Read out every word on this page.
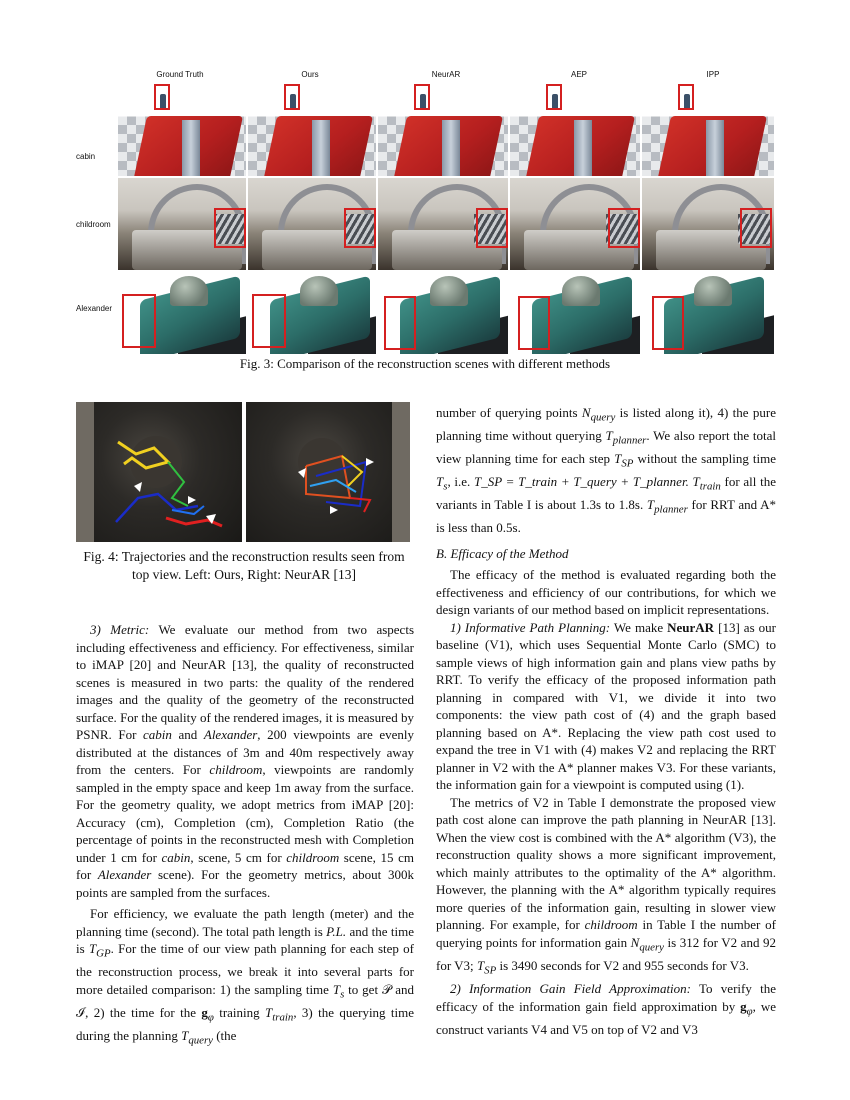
Ground Truth	Ours	NeurAR	AEP	IPP
cabin
childroom
Alexander
Fig. 3: Comparison of the reconstruction scenes with different methods
Fig. 4: Trajectories and the reconstruction results seen from
top view. Left: Ours, Right: NeurAR [13]

3) Metric: We evaluate our method from two aspects including effectiveness and efficiency. For effectiveness, similar to iMAP [20] and NeurAR [13], the quality of reconstructed scenes is measured in two parts: the quality of the rendered images and the quality of the geometry of the reconstructed surface. For the quality of the rendered images, it is measured by PSNR. For cabin and Alexander, 200 viewpoints are evenly distributed at the distances of 3m and 40m respectively away from the centers. For childroom, viewpoints are randomly sampled in the empty space and keep 1m away from the surface. For the geometry quality, we adopt metrics from iMAP [20]: Accuracy (cm), Completion (cm), Completion Ratio (the percentage of points in the reconstructed mesh with Completion under 1 cm for cabin, scene, 5 cm for childroom scene, 15 cm for Alexander scene). For the geometry metrics, about 300k points are sampled from the surfaces.

For efficiency, we evaluate the path length (meter) and the planning time (second). The total path length is P.L. and the time is $T_{GP}$. For the time of our view path planning for each step of the reconstruction process, we break it into several parts for more detailed comparison: 1) the sampling time $T_s$ to get 𝒫 and ℐ, 2) the time for the $g_\varphi$ training $T_{train}$, 3) the querying time during the planning $T_{query}$ (the

number of querying points $N_{query}$ is listed along it), 4) the pure planning time without querying $T_{planner}$. We also report the total view planning time for each step $T_{SP}$ without the sampling time $T_s$, i.e. T_SP = T_train + T_query + T_planner. $T_{train}$ for all the variants in Table I is about 1.3s to 1.8s. $T_{planner}$ for RRT and A* is less than 0.5s.

B. Efficacy of the Method

The efficacy of the method is evaluated regarding both the effectiveness and efficiency of our contributions, for which we design variants of our method based on implicit representations.

1) Informative Path Planning: We make NeurAR [13] as our baseline (V1), which uses Sequential Monte Carlo (SMC) to sample views of high information gain and plans view paths by RRT. To verify the efficacy of the proposed information path planning in compared with V1, we divide it into two components: the view path cost of (4) and the graph based planning based on A*. Replacing the view path cost used to expand the tree in V1 with (4) makes V2 and replacing the RRT planner in V2 with the A* planner makes V3. For these variants, the information gain for a viewpoint is computed using (1).

The metrics of V2 in Table I demonstrate the proposed view path cost alone can improve the path planning in NeurAR [13]. When the view cost is combined with the A* algorithm (V3), the reconstruction quality shows a more significant improvement, which mainly attributes to the optimality of the A* algorithm. However, the planning with the A* algorithm typically requires more queries of the information gain, resulting in slower view planning. For example, for childroom in Table I the number of querying points for information gain $N_{query}$ is 312 for V2 and 92 for V3; $T_{SP}$ is 3490 seconds for V2 and 955 seconds for V3.

2) Information Gain Field Approximation: To verify the efficacy of the information gain field approximation by $g_\varphi$, we construct variants V4 and V5 on top of V2 and V3
